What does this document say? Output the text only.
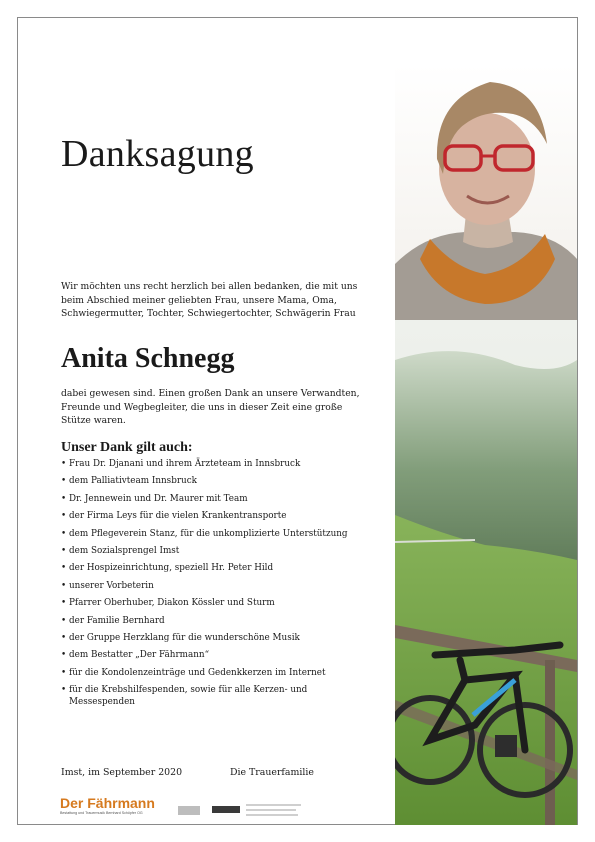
Danksagung

Wir möchten uns recht herzlich bei allen bedanken, die mit uns beim Abschied meiner geliebten Frau, unsere Mama, Oma, Schwiegermutter, Tochter, Schwiegertochter, Schwägerin Frau

Anita Schnegg

dabei gewesen sind. Einen großen Dank an unsere Verwandten, Freunde und Wegbegleiter, die uns in dieser Zeit eine große Stütze waren.

Unser Dank gilt auch:
• Frau Dr. Djanani und ihrem Ärzteteam in Innsbruck
• dem Palliativteam Innsbruck
• Dr. Jennewein und Dr. Maurer mit Team
• der Firma Leys für die vielen Krankentransporte
• dem Pflegeverein Stanz, für die unkomplizierte Unterstützung
• dem Sozialsprengel Imst
• der Hospizeinrichtung, speziell Hr. Peter Hild
• unserer Vorbeterin
• Pfarrer Oberhuber, Diakon Kössler und Sturm
• der Familie Bernhard
• der Gruppe Herzklang für die wunderschöne Musik
• dem Bestatter „Der Fährmann“
• für die Kondolenzeinträge und Gedenkkerzen im Internet
• für die Krebshilfespenden, sowie für alle Kerzen- und Messespenden
Imst, im September 2020	Die Trauerfamilie
Der Fährmann
Bestattung und Trauermusik Bernhard Schöpfer OG
